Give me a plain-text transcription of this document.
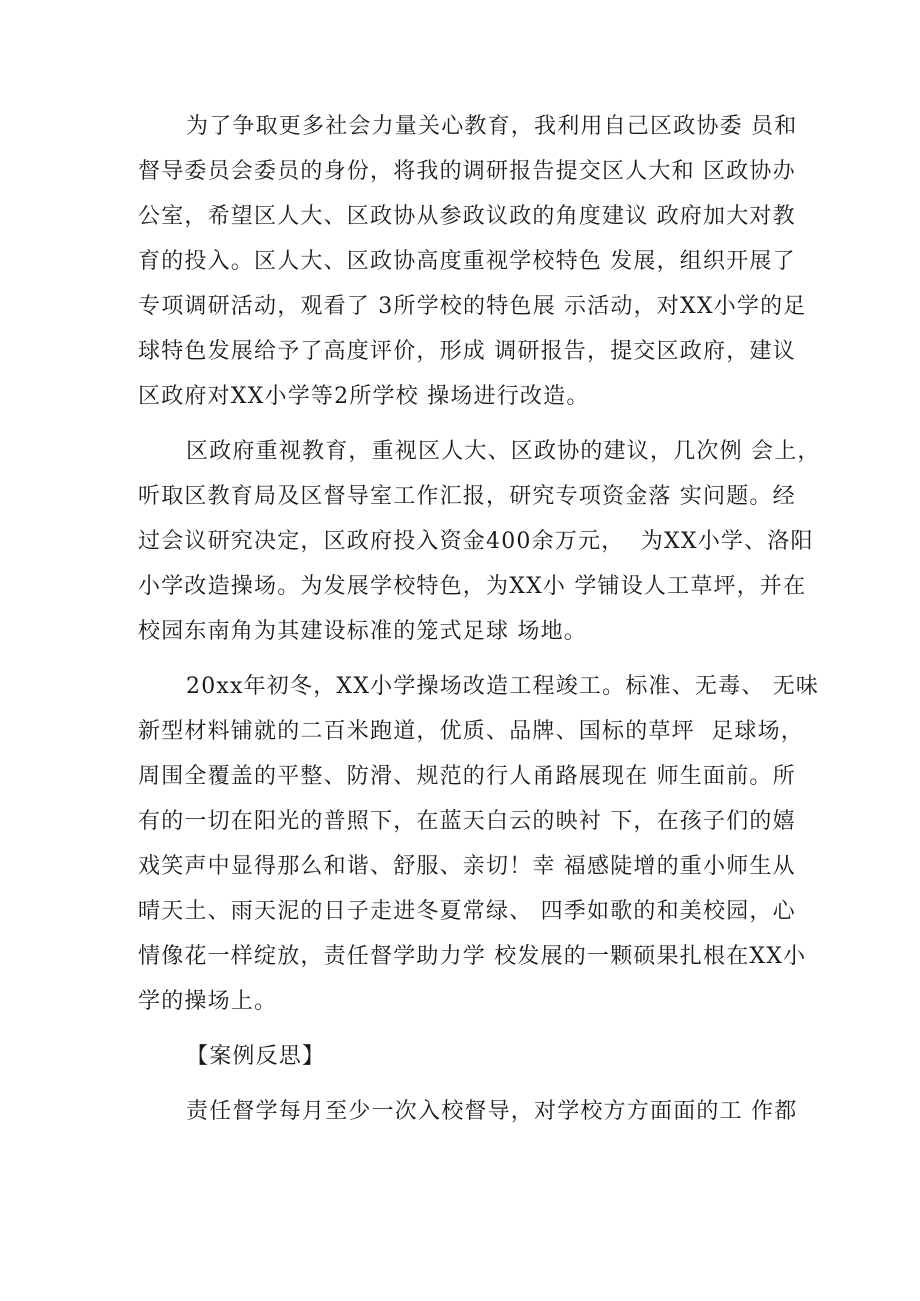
为了争取更多社会力量关心教育，我利用自己区政协委 员和
督导委员会委员的身份，将我的调研报告提交区人大和 区政协办
公室，希望区人大、区政协从参政议政的角度建议 政府加大对教
育的投入。区人大、区政协高度重视学校特色 发展，组织开展了
专项调研活动，观看了 3所学校的特色展 示活动，对XX小学的足
球特色发展给予了高度评价，形成 调研报告，提交区政府，建议
区政府对XX小学等2所学校 操场进行改造。
区政府重视教育，重视区人大、区政协的建议，几次例 会上，
听取区教育局及区督导室工作汇报，研究专项资金落 实问题。经
过会议研究决定，区政府投入资金400余万元，  为XX小学、洛阳
小学改造操场。为发展学校特色，为XX小 学铺设人工草坪，并在
校园东南角为其建设标准的笼式足球 场地。
20xx年初冬，XX小学操场改造工程竣工。标准、无毒、 无味
新型材料铺就的二百米跑道，优质、品牌、国标的草坪  足球场，
周围全覆盖的平整、防滑、规范的行人甬路展现在 师生面前。所
有的一切在阳光的普照下，在蓝天白云的映衬 下，在孩子们的嬉
戏笑声中显得那么和谐、舒服、亲切！幸 福感陡增的重小师生从
晴天土、雨天泥的日子走进冬夏常绿、 四季如歌的和美校园，心
情像花一样绽放，责任督学助力学 校发展的一颗硕果扎根在XX小
学的操场上。
【案例反思】
责任督学每月至少一次入校督导，对学校方方面面的工 作都
